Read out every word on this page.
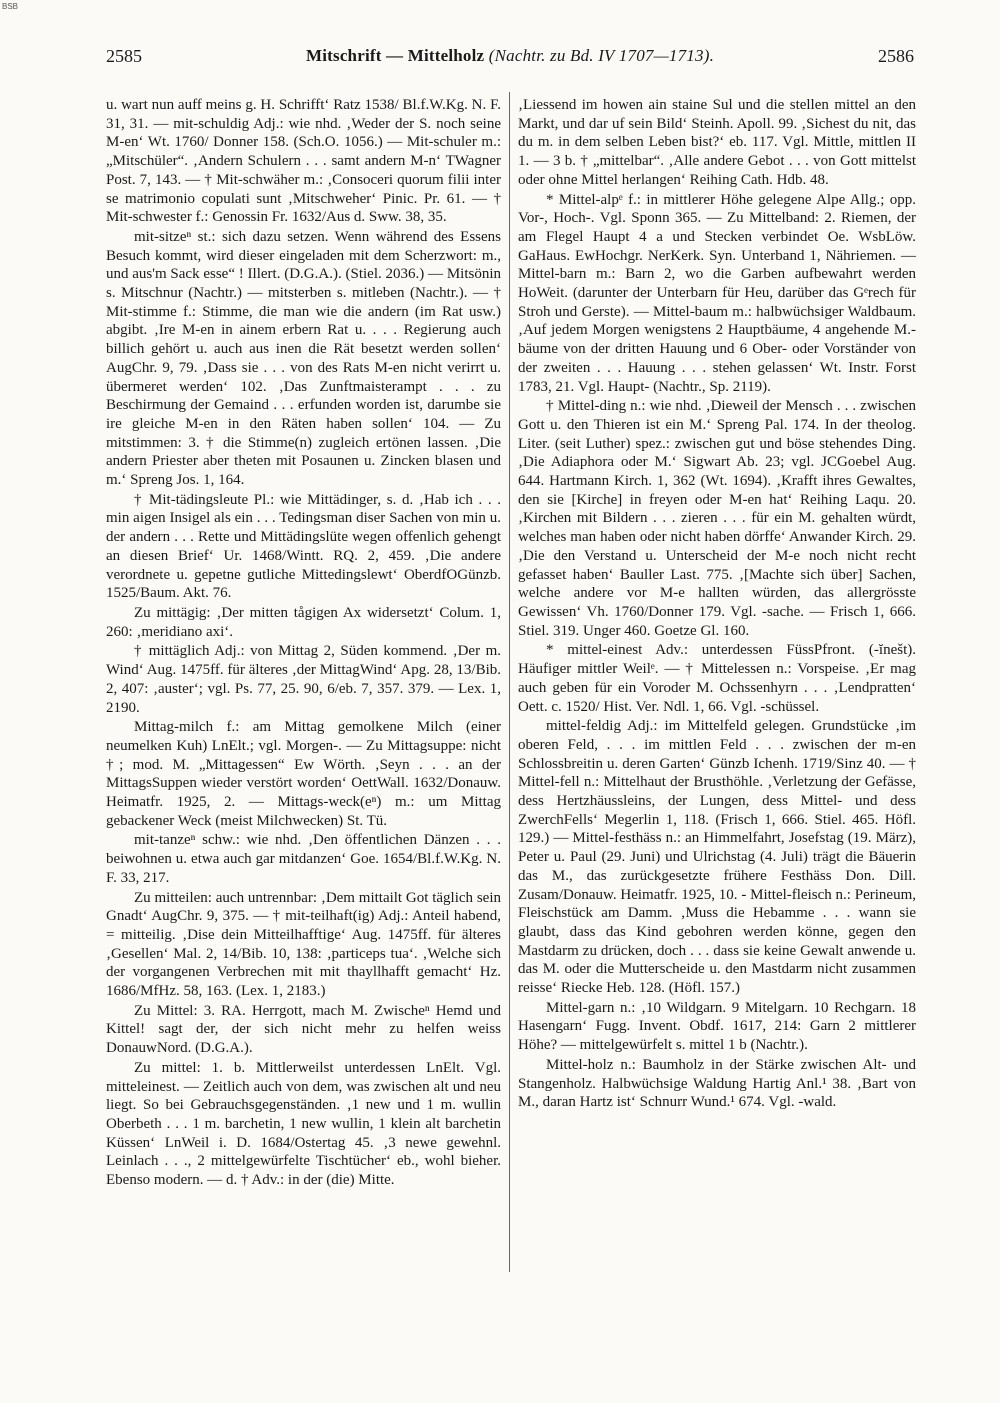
BSB
2585	Mitschrift — Mittelholz (Nachtr. zu Bd. IV 1707—1713).	2586

u. wart nun auff meins g. H. Schrifft‘ Ratz 1538/ Bl.f.W.Kg. N. F. 31, 31. — mit-schuldig Adj.: wie nhd. ‚Weder der S. noch seine M-en‘ Wt. 1760/ Donner 158. (Sch.O. 1056.) — Mit-schuler m.: „Mitschüler“. ‚Andern Schulern . . . samt andern M-n‘ TWagner Post. 7, 143. — † Mit-schwäher m.: ‚Consoceri quorum filii inter se matrimonio copulati sunt ‚Mitschweher‘ Pinic. Pr. 61. — † Mit-schwester f.: Genossin Fr. 1632/Aus d. Sww. 38, 35.

mit-sitzeⁿ st.: sich dazu setzen. Wenn während des Essens Besuch kommt, wird dieser eingeladen mit dem Scherzwort: m., und aus'm Sack esse“ ! Illert. (D.G.A.). (Stiel. 2036.) — Mitsönin s. Mitschnur (Nachtr.) — mitsterben s. mitleben (Nachtr.). — † Mit-stimme f.: Stimme, die man wie die andern (im Rat usw.) abgibt. ‚Ire M-en in ainem erbern Rat u. . . . Regierung auch billich gehört u. auch aus inen die Rät besetzt werden sollen‘ AugChr. 9, 79. ‚Dass sie . . . von des Rats M-en nicht verirrt u. übermeret werden‘ 102. ‚Das Zunftmaisterampt . . . zu Beschirmung der Gemaind . . . erfunden worden ist, darumbe sie ire gleiche M-en in den Räten haben sollen‘ 104. — Zu mitstimmen: 3. † die Stimme(n) zugleich ertönen lassen. ‚Die andern Priester aber theten mit Posaunen u. Zincken blasen und m.‘ Spreng Jos. 1, 164.

† Mit-tädingsleute Pl.: wie Mittädinger, s. d. ‚Hab ich . . . min aigen Insigel als ein . . . Tedingsman diser Sachen von min u. der andern . . . Rette und Mittädingslüte wegen offenlich gehengt an diesen Brief‘ Ur. 1468/Wintt. RQ. 2, 459. ‚Die andere verordnete u. gepetne gutliche Mittedingslewt‘ OberdfOGünzb. 1525/Baum. Akt. 76.

Zu mittägig: ‚Der mitten tågigen Ax widersetzt‘ Colum. 1, 260: ‚meridiano axi‘.

† mittäglich Adj.: von Mittag 2, Süden kommend. ‚Der m. Wind‘ Aug. 1475ff. für älteres ‚der MittagWind‘ Apg. 28, 13/Bib. 2, 407: ‚auster‘; vgl. Ps. 77, 25. 90, 6/eb. 7, 357. 379. — Lex. 1, 2190.

Mittag-milch f.: am Mittag gemolkene Milch (einer neumelken Kuh) LnElt.; vgl. Morgen-. — Zu Mittagsuppe: nicht †; mod. M. „Mittagessen“ Ew Wörth. ‚Seyn . . . an der MittagsSuppen wieder verstört worden‘ OettWall. 1632/Donauw. Heimatfr. 1925, 2. — Mittags-weck(eⁿ) m.: um Mittag gebackener Weck (meist Milchwecken) St. Tü.

mit-tanzeⁿ schw.: wie nhd. ‚Den öffentlichen Dänzen . . . beiwohnen u. etwa auch gar mitdanzen‘ Goe. 1654/Bl.f.W.Kg. N. F. 33, 217.

Zu mitteilen: auch untrennbar: ‚Dem mittailt Got täglich sein Gnadt‘ AugChr. 9, 375. — † mit-teilhaft(ig) Adj.: Anteil habend, = mitteilig. ‚Dise dein Mitteilhafftige‘ Aug. 1475ff. für älteres ‚Gesellen‘ Mal. 2, 14/Bib. 10, 138: ‚particeps tua‘. ‚Welche sich der vorgangenen Verbrechen mit mit thayllhafft gemacht‘ Hz. 1686/MfHz. 58, 163. (Lex. 1, 2183.)

Zu Mittel: 3. RA. Herrgott, mach M. Zwischeⁿ Hemd und Kittel! sagt der, der sich nicht mehr zu helfen weiss DonauwNord. (D.G.A.).

Zu mittel: 1. b. Mittlerweilst unterdessen LnElt. Vgl. mitteleinest. — Zeitlich auch von dem, was zwischen alt und neu liegt. So bei Gebrauchsgegenständen. ‚1 new und 1 m. wullin Oberbeth . . . 1 m. barchetin, 1 new wullin, 1 klein alt barchetin Küssen‘ LnWeil i. D. 1684/Ostertag 45. ‚3 newe gewehnl. Leinlach . . ., 2 mittelgewürfelte Tischtücher‘ eb., wohl bieher. Ebenso modern. — d. † Adv.: in der (die) Mitte.

‚Liessend im howen ain staine Sul und die stellen mittel an den Markt, und dar uf sein Bild‘ Steinh. Apoll. 99. ‚Sichest du nit, das du m. in dem selben Leben bist?‘ eb. 117. Vgl. Mittle, mittlen II 1. — 3 b. † „mittelbar“. ‚Alle andere Gebot . . . von Gott mittelst oder ohne Mittel herlangen‘ Reihing Cath. Hdb. 48.

* Mittel-alpᵉ f.: in mittlerer Höhe gelegene Alpe Allg.; opp. Vor-, Hoch-. Vgl. Sponn 365. — Zu Mittelband: 2. Riemen, der am Flegel Haupt 4 a und Stecken verbindet Oe. WsbLöw. GaHaus. EwHochgr. NerKerk. Syn. Unterband 1, Nähriemen. — Mittel-barn m.: Barn 2, wo die Garben aufbewahrt werden HoWeit. (darunter der Unterbarn für Heu, darüber das Gᵉrech für Stroh und Gerste). — Mittel-baum m.: halbwüchsiger Waldbaum. ‚Auf jedem Morgen wenigstens 2 Hauptbäume, 4 angehende M.-bäume von der dritten Hauung und 6 Ober- oder Vorständer von der zweiten . . . Hauung . . . stehen gelassen‘ Wt. Instr. Forst 1783, 21. Vgl. Haupt- (Nachtr., Sp. 2119).

† Mittel-ding n.: wie nhd. ‚Dieweil der Mensch . . . zwischen Gott u. den Thieren ist ein M.‘ Spreng Pal. 174. In der theolog. Liter. (seit Luther) spez.: zwischen gut und böse stehendes Ding. ‚Die Adiaphora oder M.‘ Sigwart Ab. 23; vgl. JCGoebel Aug. 644. Hartmann Kirch. 1, 362 (Wt. 1694). ‚Krafft ihres Gewaltes, den sie [Kirche] in freyen oder M-en hat‘ Reihing Laqu. 20. ‚Kirchen mit Bildern . . . zieren . . . für ein M. gehalten würdt, welches man haben oder nicht haben dörffe‘ Anwander Kirch. 29. ‚Die den Verstand u. Unterscheid der M-e noch nicht recht gefasset haben‘ Bauller Last. 775. ‚[Machte sich über] Sachen, welche andere vor M-e hallten würden, das allergrösste Gewissen‘ Vh. 1760/Donner 179. Vgl. -sache. — Frisch 1, 666. Stiel. 319. Unger 460. Goetze Gl. 160.

* mittel-einest Adv.: unterdessen FüssPfront. (-ĭnešt). Häufiger mittler Weilᵉ. — † Mittelessen n.: Vorspeise. ‚Er mag auch geben für ein Voroder M. Ochssenhyrn . . . ‚Lendpratten‘ Oett. c. 1520/ Hist. Ver. Ndl. 1, 66. Vgl. -schüssel.

mittel-feldig Adj.: im Mittelfeld gelegen. Grundstücke ‚im oberen Feld, . . . im mittlen Feld . . . zwischen der m-en Schlossbreitin u. deren Garten‘ Günzb Ichenh. 1719/Sinz 40. — † Mittel-fell n.: Mittelhaut der Brusthöhle. ‚Verletzung der Gefässe, dess Hertzhäussleins, der Lungen, dess Mittel- und dess ZwerchFells‘ Megerlin 1, 118. (Frisch 1, 666. Stiel. 465. Höfl. 129.) — Mittel-festhäss n.: an Himmelfahrt, Josefstag (19. März), Peter u. Paul (29. Juni) und Ulrichstag (4. Juli) trägt die Bäuerin das M., das zurückgesetzte frühere Festhäss Don. Dill. Zusam/Donauw. Heimatfr. 1925, 10. - Mittel-fleisch n.: Perineum, Fleischstück am Damm. ‚Muss die Hebamme . . . wann sie glaubt, dass das Kind gebohren werden könne, gegen den Mastdarm zu drücken, doch . . . dass sie keine Gewalt anwende u. das M. oder die Mutterscheide u. den Mastdarm nicht zusammen reisse‘ Riecke Heb. 128. (Höfl. 157.)

Mittel-garn n.: ‚10 Wildgarn. 9 Mitelgarn. 10 Rechgarn. 18 Hasengarn‘ Fugg. Invent. Obdf. 1617, 214: Garn 2 mittlerer Höhe? — mittelgewürfelt s. mittel 1 b (Nachtr.).

Mittel-holz n.: Baumholz in der Stärke zwischen Alt- und Stangenholz. Halbwüchsige Waldung Hartig Anl.¹ 38. ‚Bart von M., daran Hartz ist‘ Schnurr Wund.¹ 674. Vgl. -wald.
